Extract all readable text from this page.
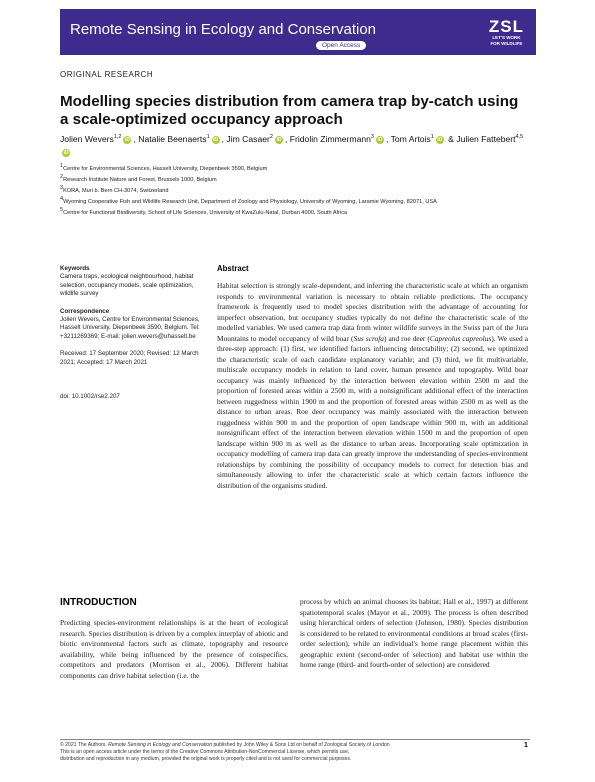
Remote Sensing in Ecology and Conservation
Open Access
ZSL
LET'S WORK
FOR WILDLIFE
ORIGINAL RESEARCH
Modelling species distribution from camera trap by-catch using a scale-optimized occupancy approach
Jolien Wevers$^{1,2}$ iD , Natalie Beenaerts$^1$ iD , Jim Casaer$^2$ iD , Fridolin Zimmermann$^3$ iD , Tom Artois$^1$ iD & Julien Fattebert$^{4,5}$iD
$^1$Centre for Environmental Sciences, Hasselt University, Diepenbeek 3590, Belgium
$^2$Research Institute Nature and Forest, Brussels 1000, Belgium
$^3$KORA, Muri b. Bern CH-3074, Switzerland
$^4$Wyoming Cooperative Fish and Wildlife Research Unit, Department of Zoology and Physiology, University of Wyoming, Laramie Wyoming, 82071, USA
$^5$Centre for Functional Biodiversity, School of Life Sciences, University of KwaZulu-Natal, Durban 4000, South Africa
Keywords

Camera traps, ecological neighbourhood, habitat selection, occupancy models, scale optimization, wildlife survey

Correspondence

Jolien Wevers, Centre for Environmental Sciences, Hasselt University, Diepenbeek 3590, Belgium. Tel: +3211269369; E-mail: jolien.wevers@uhasselt.be

Received: 17 September 2020; Revised: 12 March 2021; Accepted: 17 March 2021

doi: 10.1002/rse2.207

Abstract

Habitat selection is strongly scale-dependent, and inferring the characteristic scale at which an organism responds to environmental variation is necessary to obtain reliable predictions. The occupancy framework is frequently used to model species distribution with the advantage of accounting for imperfect observation, but occupancy studies typically do not define the characteristic scale of the modelled variables. We used camera trap data from winter wildlife surveys in the Swiss part of the Jura Mountains to model occupancy of wild boar (Sus scrofa) and roe deer (Capreolus capreolus). We used a three-step approach: (1) first, we identified factors influencing detectability; (2) second, we optimized the characteristic scale of each candidate explanatory variable; and (3) third, we fit multivariable, multiscale occupancy models in relation to land cover, human presence and topography. Wild boar occupancy was mainly influenced by the interaction between elevation within 2500 m and the proportion of forested areas within a 2500 m, with a nonsignificant additional effect of the interaction between ruggedness within 1900 m and the proportion of forested areas within 2500 m as well as the distance to urban areas. Roe deer occupancy was mainly associated with the interaction between ruggedness within 900 m and the proportion of open landscape within 900 m, with an additional nonsignificant effect of the interaction between elevation within 1500 m and the proportion of open landscape within 900 m as well as the distance to urban areas. Incorporating scale optimization in occupancy modelling of camera trap data can greatly improve the understanding of species-environment relationships by combining the possibility of occupancy models to correct for detection bias and simultaneously allowing to infer the characteristic scale at which certain factors influence the distribution of the organisms studied.

INTRODUCTION

Predicting species-environment relationships is at the heart of ecological research. Species distribution is driven by a complex interplay of abiotic and biotic environmental factors such as climate, topography and resource availability, while being influenced by the presence of conspecifics, competitors and predators (Morrison et al., 2006). Different habitat components can drive habitat selection (i.e. the

process by which an animal chooses its habitat; Hall et al., 1997) at different spatiotemporal scales (Mayor et al., 2009). The process is often described using hierarchical orders of selection (Johnson, 1980). Species distribution is considered to be related to environmental conditions at broad scales (first-order selection), while an individual's home range placement within this geographic extent (second-order of selection) and habitat use within the home range (third- and fourth-order of selection) are considered

© 2021 The Authors. Remote Sensing in Ecology and Conservation published by John Wiley & Sons Ltd on behalf of Zoological Society of London
This is an open access article under the terms of the Creative Commons Attribution-NonCommercial License, which permits use,
distribution and reproduction in any medium, provided the original work is properly cited and is not used for commercial purposes.
1
